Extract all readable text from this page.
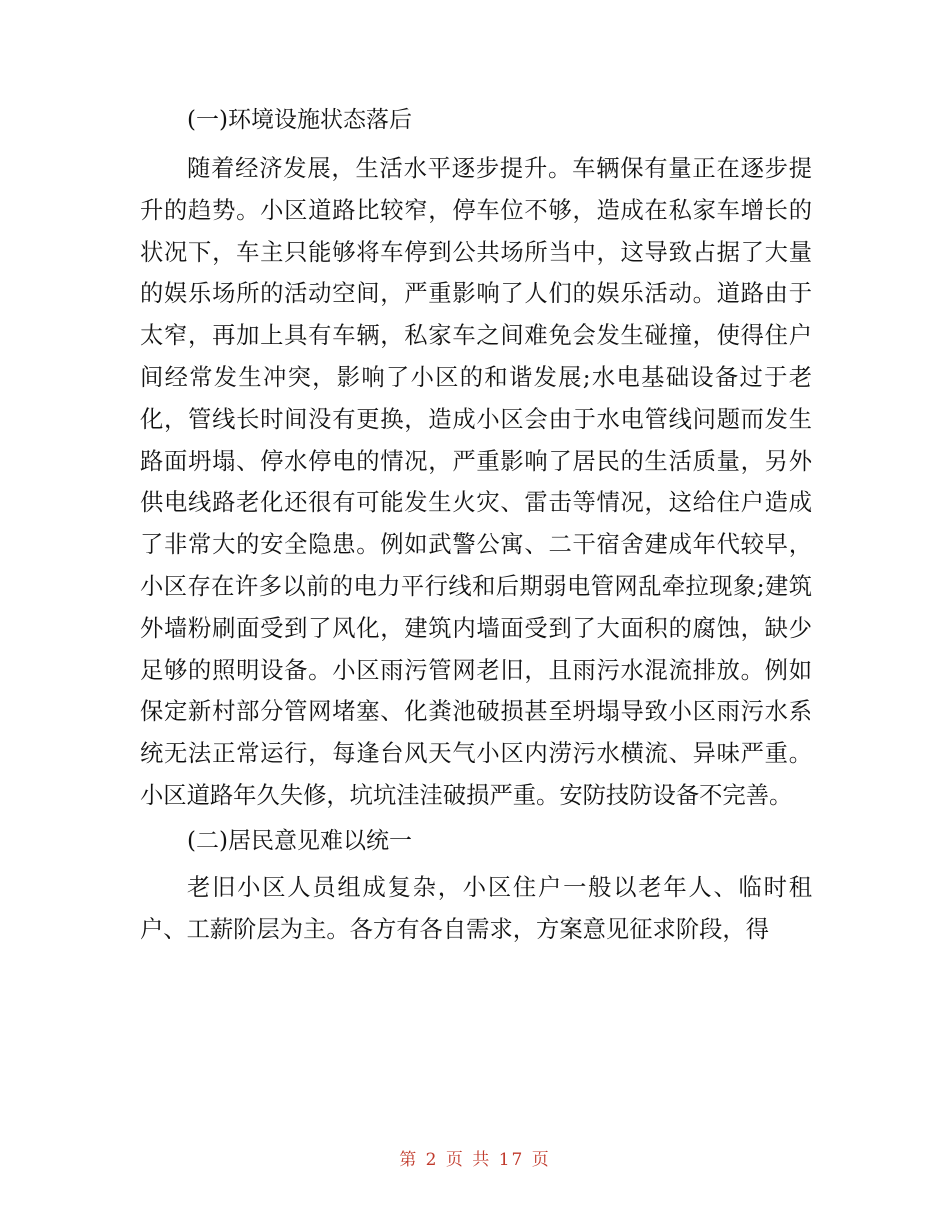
(一)环境设施状态落后

随着经济发展，生活水平逐步提升。车辆保有量正在逐步提升的趋势。小区道路比较窄，停车位不够，造成在私家车增长的状况下，车主只能够将车停到公共场所当中，这导致占据了大量的娱乐场所的活动空间，严重影响了人们的娱乐活动。道路由于太窄，再加上具有车辆，私家车之间难免会发生碰撞，使得住户间经常发生冲突，影响了小区的和谐发展;水电基础设备过于老化，管线长时间没有更换，造成小区会由于水电管线问题而发生路面坍塌、停水停电的情况，严重影响了居民的生活质量，另外供电线路老化还很有可能发生火灾、雷击等情况，这给住户造成了非常大的安全隐患。例如武警公寓、二干宿舍建成年代较早，小区存在许多以前的电力平行线和后期弱电管网乱牵拉现象;建筑外墙粉刷面受到了风化，建筑内墙面受到了大面积的腐蚀，缺少足够的照明设备。小区雨污管网老旧，且雨污水混流排放。例如保定新村部分管网堵塞、化粪池破损甚至坍塌导致小区雨污水系统无法正常运行，每逢台风天气小区内涝污水横流、异味严重。小区道路年久失修，坑坑洼洼破损严重。安防技防设备不完善。

(二)居民意见难以统一

老旧小区人员组成复杂，小区住户一般以老年人、临时租户、工薪阶层为主。各方有各自需求，方案意见征求阶段，得

第 2 页 共 17 页
